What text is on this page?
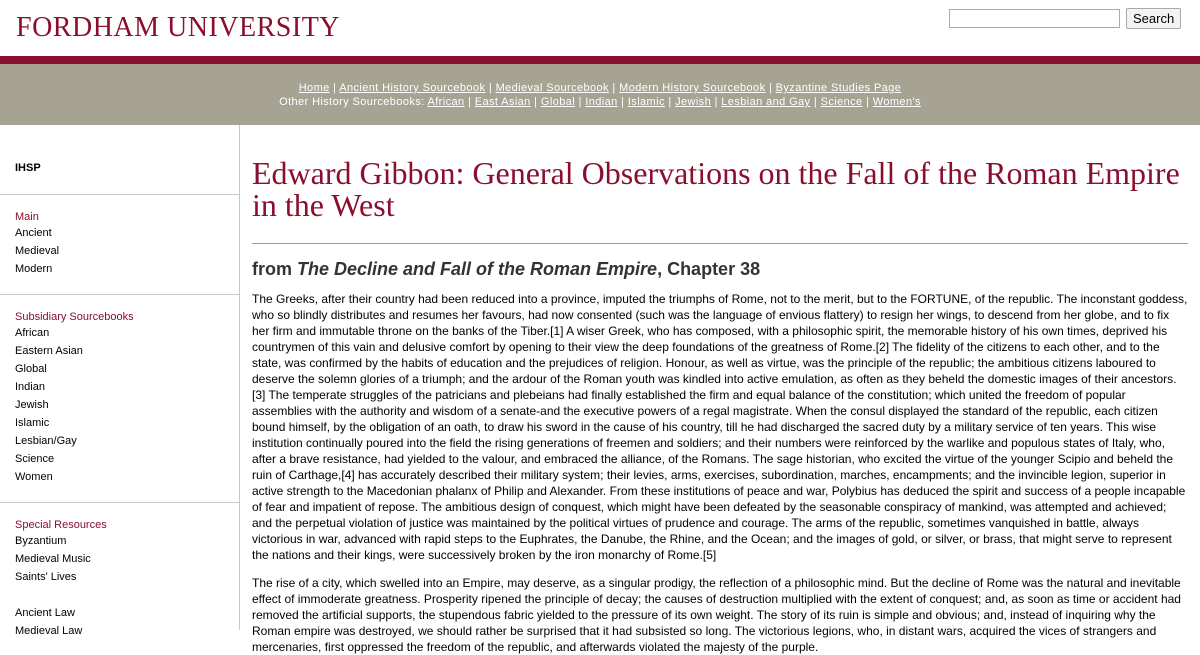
FORDHAM UNIVERSITY	Search
Home | Ancient History Sourcebook | Medieval Sourcebook | Modern History Sourcebook | Byzantine Studies Page
Other History Sourcebooks: African | East Asian | Global | Indian | Islamic | Jewish | Lesbian and Gay | Science | Women's
IHSP
Main
Ancient
Medieval
Modern
Subsidiary Sourcebooks
African
Eastern Asian
Global
Indian
Jewish
Islamic
Lesbian/Gay
Science
Women
Special Resources
Byzantium
Medieval Music
Saints' Lives
Ancient Law
Medieval Law
Edward Gibbon: General Observations on the Fall of the Roman Empire in the West
from The Decline and Fall of the Roman Empire, Chapter 38

The Greeks, after their country had been reduced into a province, imputed the triumphs of Rome, not to the merit, but to the FORTUNE, of the republic. The inconstant goddess, who so blindly distributes and resumes her favours, had now consented (such was the language of envious flattery) to resign her wings, to descend from her globe, and to fix her firm and immutable throne on the banks of the Tiber.[1] A wiser Greek, who has composed, with a philosophic spirit, the memorable history of his own times, deprived his countrymen of this vain and delusive comfort by opening to their view the deep foundations of the greatness of Rome.[2] The fidelity of the citizens to each other, and to the state, was confirmed by the habits of education and the prejudices of religion. Honour, as well as virtue, was the principle of the republic; the ambitious citizens laboured to deserve the solemn glories of a triumph; and the ardour of the Roman youth was kindled into active emulation, as often as they beheld the domestic images of their ancestors.[3] The temperate struggles of the patricians and plebeians had finally established the firm and equal balance of the constitution; which united the freedom of popular assemblies with the authority and wisdom of a senate-and the executive powers of a regal magistrate. When the consul displayed the standard of the republic, each citizen bound himself, by the obligation of an oath, to draw his sword in the cause of his country, till he had discharged the sacred duty by a military service of ten years. This wise institution continually poured into the field the rising generations of freemen and soldiers; and their numbers were reinforced by the warlike and populous states of Italy, who, after a brave resistance, had yielded to the valour, and embraced the alliance, of the Romans. The sage historian, who excited the virtue of the younger Scipio and beheld the ruin of Carthage,[4] has accurately described their military system; their levies, arms, exercises, subordination, marches, encampments; and the invincible legion, superior in active strength to the Macedonian phalanx of Philip and Alexander. From these institutions of peace and war, Polybius has deduced the spirit and success of a people incapable of fear and impatient of repose. The ambitious design of conquest, which might have been defeated by the seasonable conspiracy of mankind, was attempted and achieved; and the perpetual violation of justice was maintained by the political virtues of prudence and courage. The arms of the republic, sometimes vanquished in battle, always victorious in war, advanced with rapid steps to the Euphrates, the Danube, the Rhine, and the Ocean; and the images of gold, or silver, or brass, that might serve to represent the nations and their kings, were successively broken by the iron monarchy of Rome.[5]

The rise of a city, which swelled into an Empire, may deserve, as a singular prodigy, the reflection of a philosophic mind. But the decline of Rome was the natural and inevitable effect of immoderate greatness. Prosperity ripened the principle of decay; the causes of destruction multiplied with the extent of conquest; and, as soon as time or accident had removed the artificial supports, the stupendous fabric yielded to the pressure of its own weight. The story of its ruin is simple and obvious; and, instead of inquiring why the Roman empire was destroyed, we should rather be surprised that it had subsisted so long. The victorious legions, who, in distant wars, acquired the vices of strangers and mercenaries, first oppressed the freedom of the republic, and afterwards violated the majesty of the purple.
